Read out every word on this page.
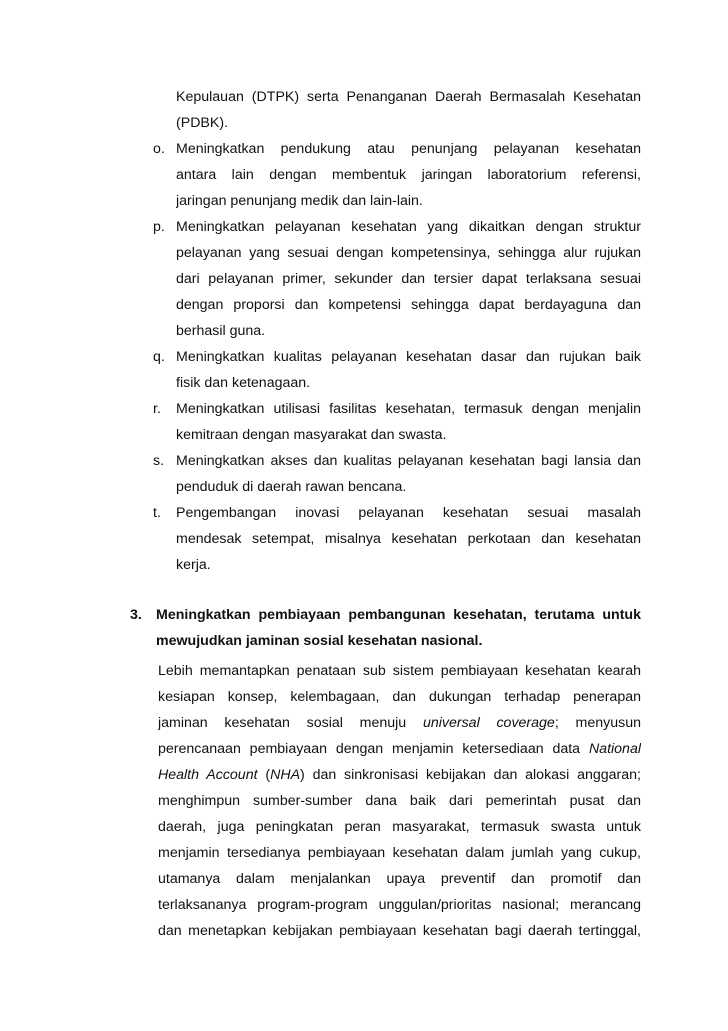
Kepulauan (DTPK) serta Penanganan Daerah Bermasalah Kesehatan
(PDBK).
o. Meningkatkan pendukung atau penunjang pelayanan kesehatan
antara lain dengan membentuk jaringan laboratorium referensi,
jaringan penunjang medik dan lain-lain.
p. Meningkatkan pelayanan kesehatan yang dikaitkan dengan struktur
pelayanan yang sesuai dengan kompetensinya, sehingga alur rujukan
dari pelayanan primer, sekunder dan tersier dapat terlaksana sesuai
dengan proporsi dan kompetensi sehingga dapat berdayaguna dan
berhasil guna.
q. Meningkatkan kualitas pelayanan kesehatan dasar dan rujukan baik
fisik dan ketenagaan.
r. Meningkatkan utilisasi fasilitas kesehatan, termasuk dengan menjalin
kemitraan dengan masyarakat dan swasta.
s. Meningkatkan akses dan kualitas pelayanan kesehatan bagi lansia dan
penduduk di daerah rawan bencana.
t. Pengembangan inovasi pelayanan kesehatan sesuai masalah
mendesak setempat, misalnya kesehatan perkotaan dan kesehatan
kerja.
3. Meningkatkan pembiayaan pembangunan kesehatan, terutama untuk
mewujudkan jaminan sosial kesehatan nasional.
Lebih memantapkan penataan sub sistem pembiayaan kesehatan kearah
kesiapan konsep, kelembagaan, dan dukungan terhadap penerapan
jaminan kesehatan sosial menuju universal coverage; menyusun
perencanaan pembiayaan dengan menjamin ketersediaan data National
Health Account (NHA) dan sinkronisasi kebijakan dan alokasi anggaran;
menghimpun sumber-sumber dana baik dari pemerintah pusat dan
daerah, juga peningkatan peran masyarakat, termasuk swasta untuk
menjamin tersedianya pembiayaan kesehatan dalam jumlah yang cukup,
utamanya dalam menjalankan upaya preventif dan promotif dan
terlaksananya program-program unggulan/prioritas nasional; merancang
dan menetapkan kebijakan pembiayaan kesehatan bagi daerah tertinggal,
